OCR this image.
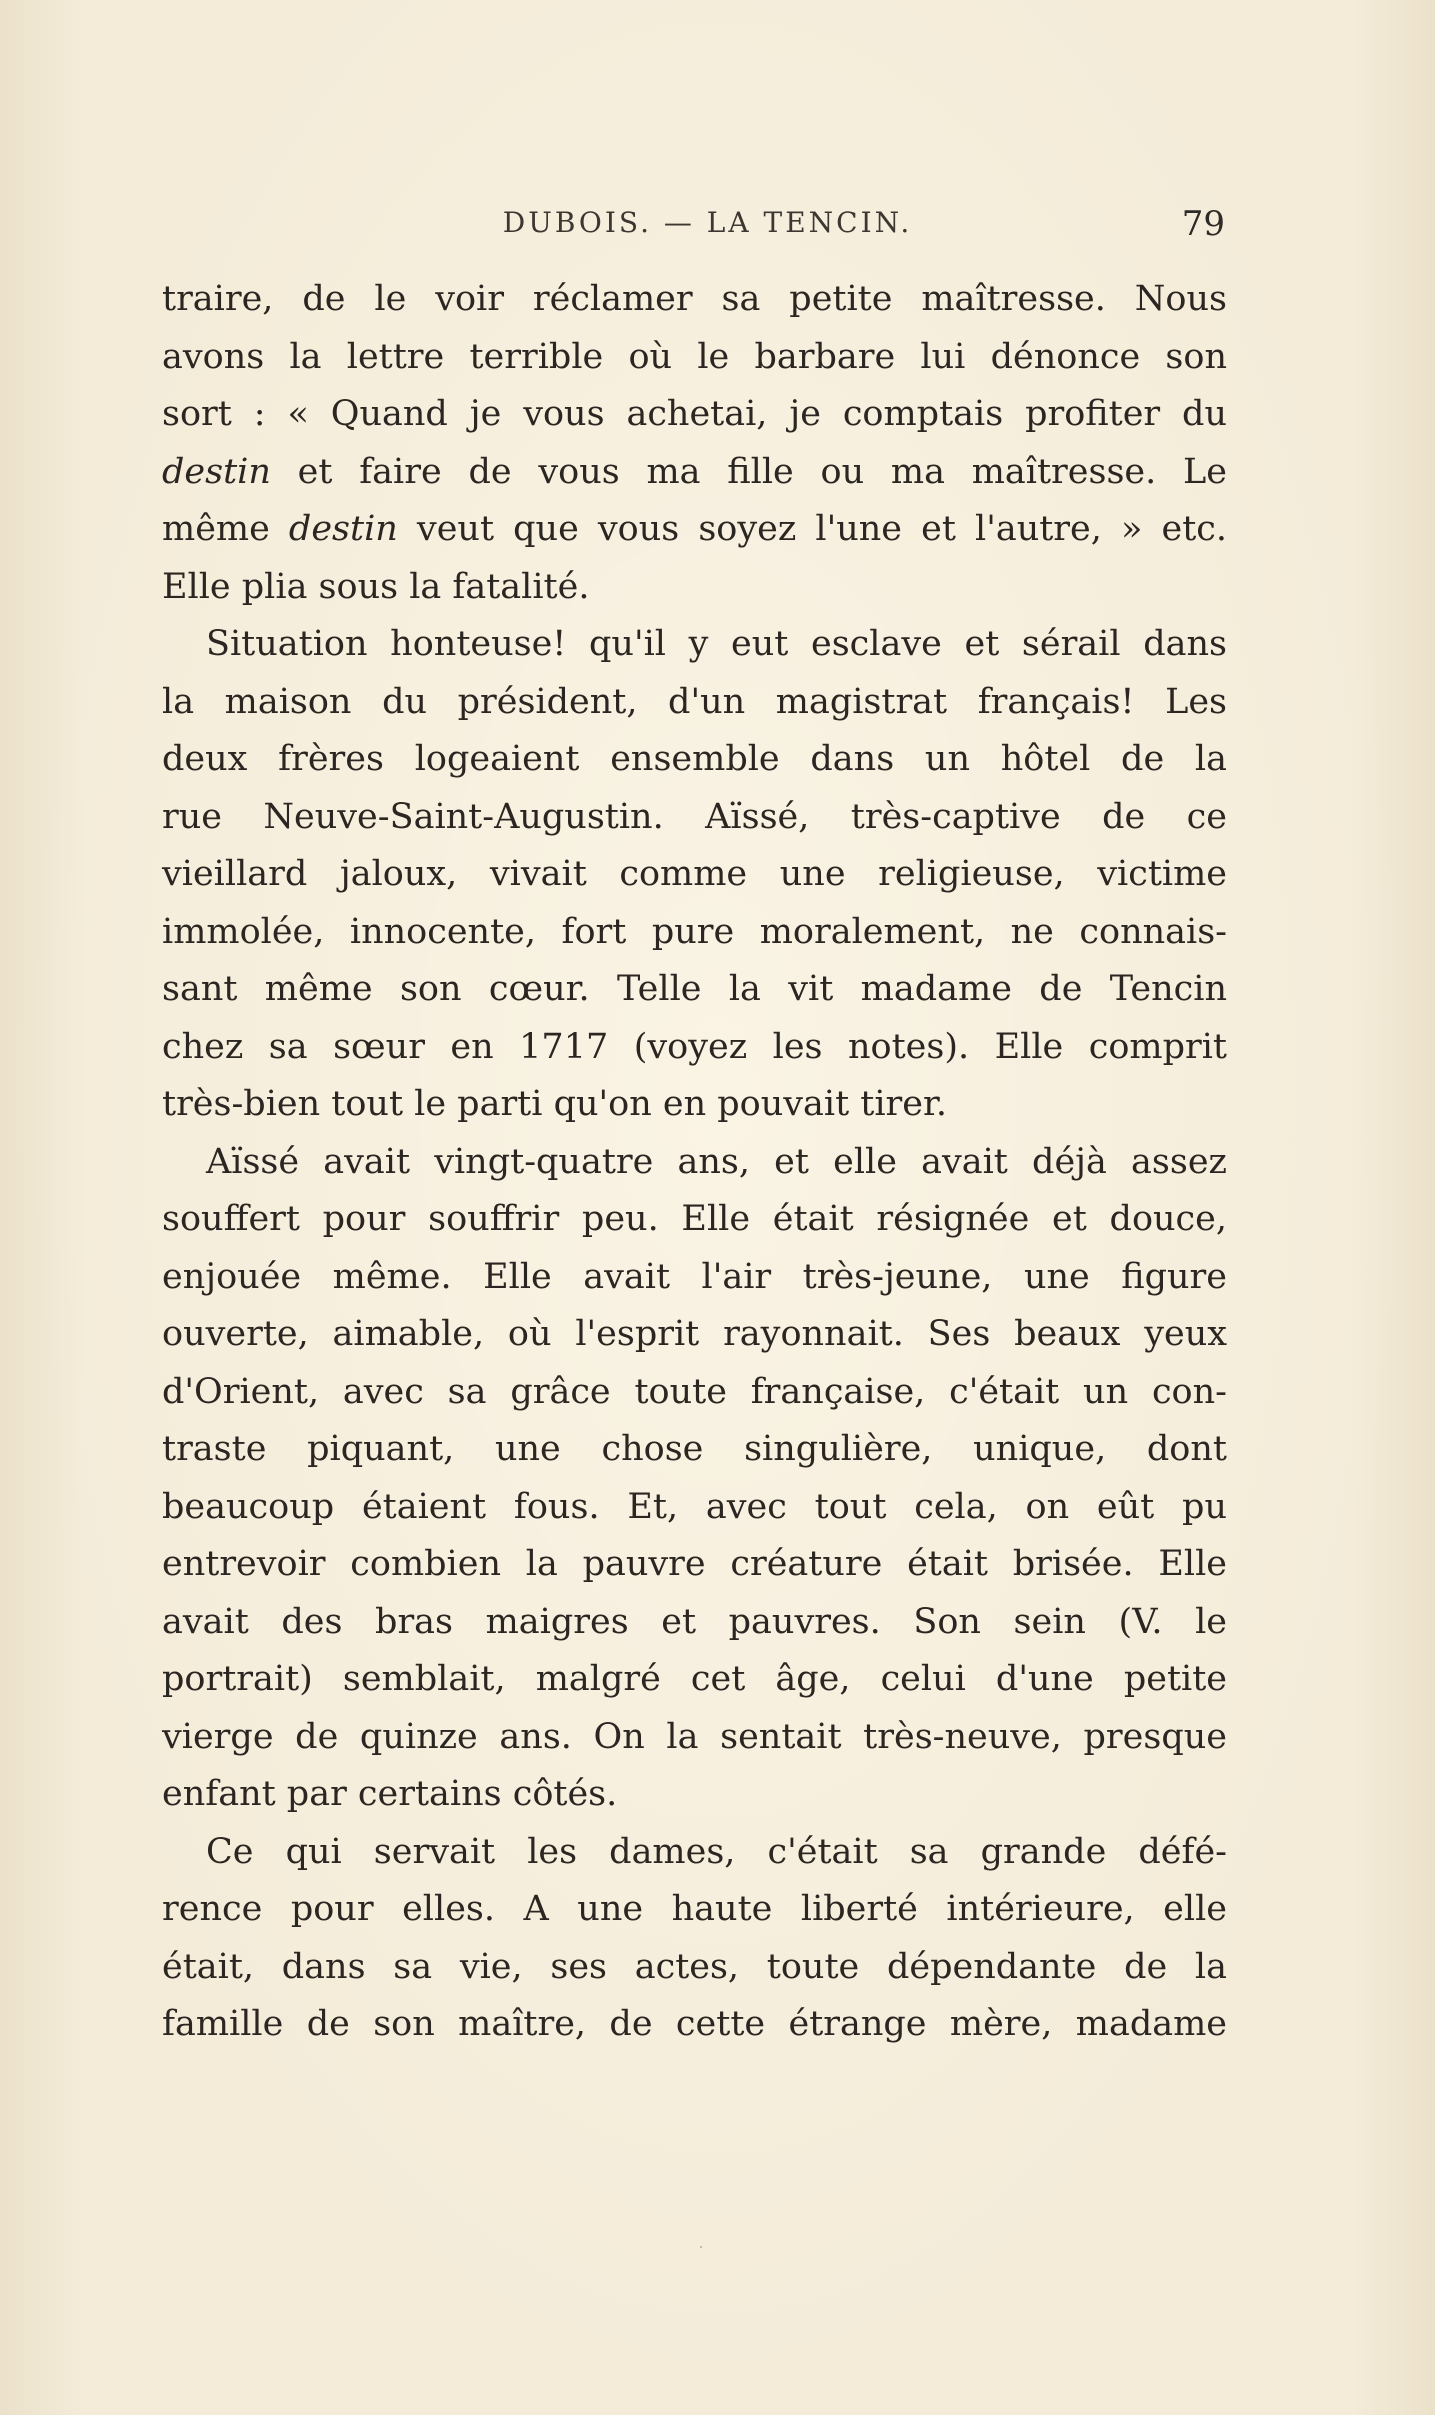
DUBOIS. — LA TENCIN.	79
traire, de le voir réclamer sa petite maîtresse. Nous
avons la lettre terrible où le barbare lui dénonce son
sort : « Quand je vous achetai, je comptais profiter du
destin et faire de vous ma fille ou ma maîtresse. Le
même destin veut que vous soyez l'une et l'autre, » etc.
Elle plia sous la fatalité.
Situation honteuse! qu'il y eut esclave et sérail dans
la maison du président, d'un magistrat français! Les
deux frères logeaient ensemble dans un hôtel de la
rue Neuve-Saint-Augustin. Aïssé, très-captive de ce
vieillard jaloux, vivait comme une religieuse, victime
immolée, innocente, fort pure moralement, ne connais-
sant même son cœur. Telle la vit madame de Tencin
chez sa sœur en 1717 (voyez les notes). Elle comprit
très-bien tout le parti qu'on en pouvait tirer.
Aïssé avait vingt-quatre ans, et elle avait déjà assez
souffert pour souffrir peu. Elle était résignée et douce,
enjouée même. Elle avait l'air très-jeune, une figure
ouverte, aimable, où l'esprit rayonnait. Ses beaux yeux
d'Orient, avec sa grâce toute française, c'était un con-
traste piquant, une chose singulière, unique, dont
beaucoup étaient fous. Et, avec tout cela, on eût pu
entrevoir combien la pauvre créature était brisée. Elle
avait des bras maigres et pauvres. Son sein (V. le
portrait) semblait, malgré cet âge, celui d'une petite
vierge de quinze ans. On la sentait très-neuve, presque
enfant par certains côtés.
Ce qui servait les dames, c'était sa grande défé-
rence pour elles. A une haute liberté intérieure, elle
était, dans sa vie, ses actes, toute dépendante de la
famille de son maître, de cette étrange mère, madame
